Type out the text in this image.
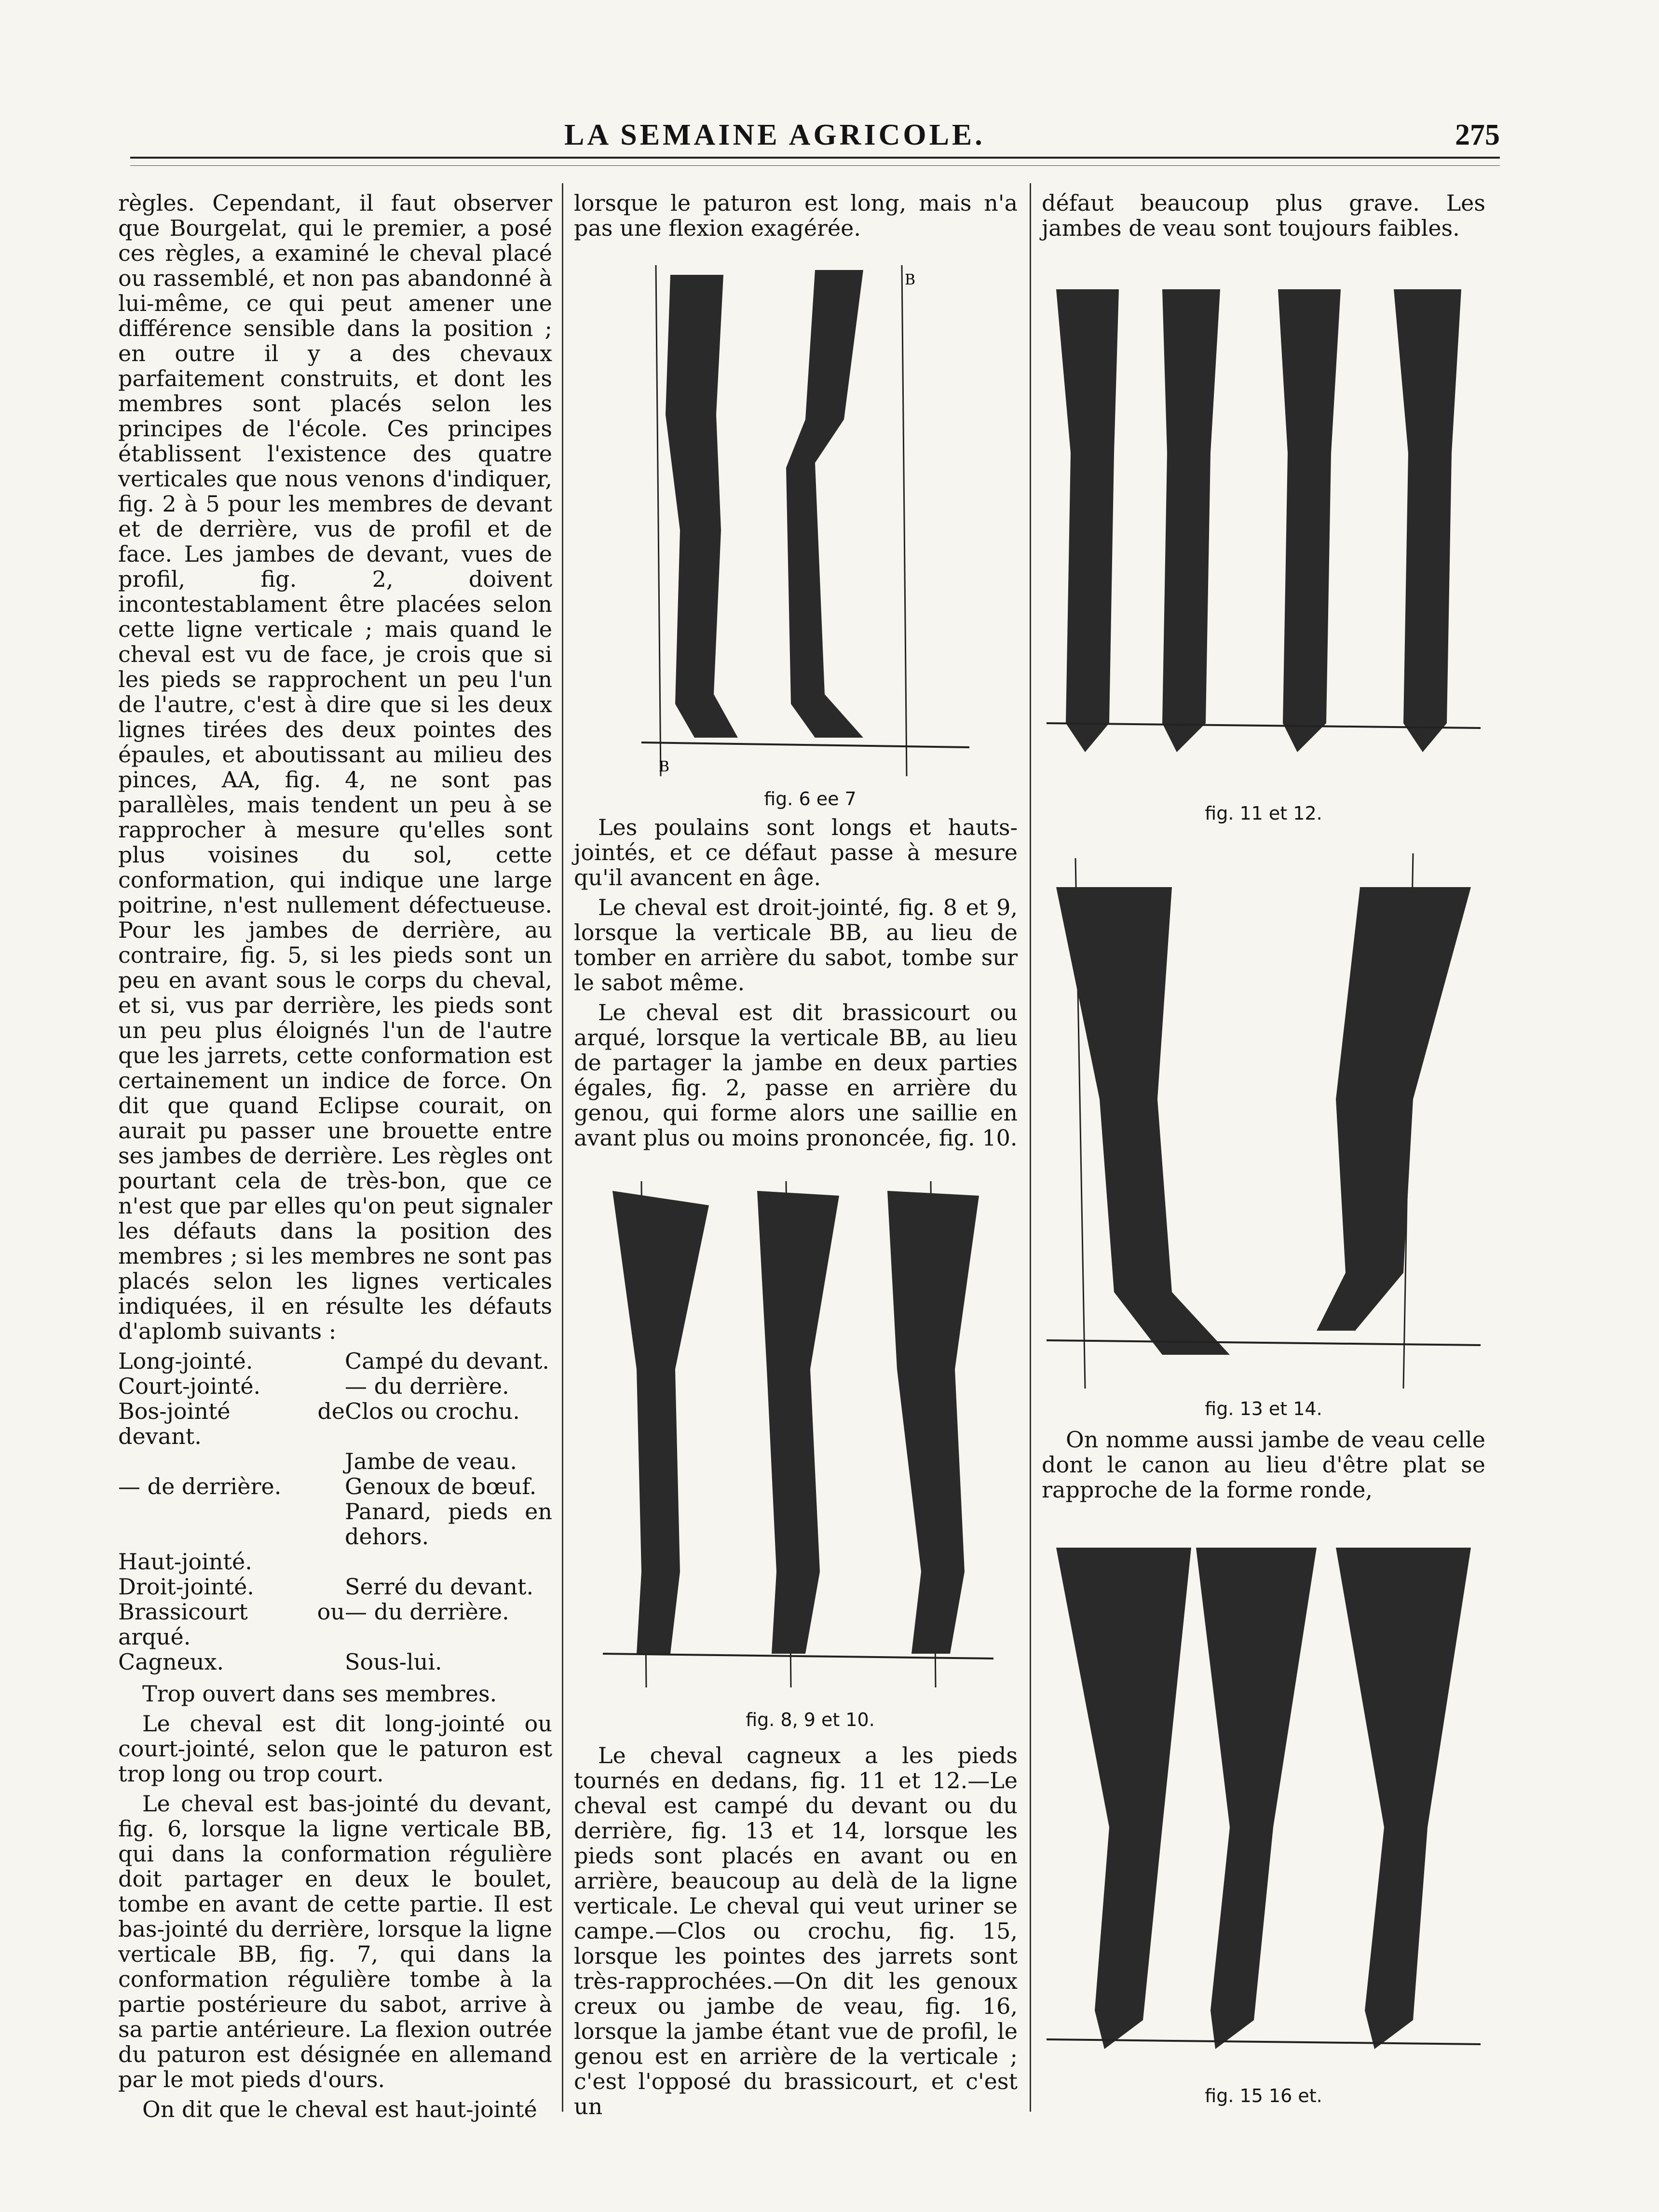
LA SEMAINE AGRICOLE.	275

règles. Cependant, il faut observer que Bourgelat, qui le premier, a posé ces règles, a examiné le cheval placé ou rassemblé, et non pas abandonné à lui-même, ce qui peut amener une différence sensible dans la position ; en outre il y a des chevaux parfaitement construits, et dont les membres sont placés selon les principes de l'école. Ces principes établissent l'existence des quatre verticales que nous venons d'indiquer, fig. 2 à 5 pour les membres de devant et de derrière, vus de profil et de face. Les jambes de devant, vues de profil, fig. 2, doivent incontestablament être placées selon cette ligne verticale ; mais quand le cheval est vu de face, je crois que si les pieds se rapprochent un peu l'un de l'autre, c'est à dire que si les deux lignes tirées des deux pointes des épaules, et aboutissant au milieu des pinces, AA, fig. 4, ne sont pas parallèles, mais tendent un peu à se rapprocher à mesure qu'elles sont plus voisines du sol, cette conformation, qui indique une large poitrine, n'est nullement défectueuse. Pour les jambes de derrière, au contraire, fig. 5, si les pieds sont un peu en avant sous le corps du cheval, et si, vus par derrière, les pieds sont un peu plus éloignés l'un de l'autre que les jarrets, cette conformation est certainement un indice de force. On dit que quand Eclipse courait, on aurait pu passer une brouette entre ses jambes de derrière. Les règles ont pourtant cela de très-bon, que ce n'est que par elles qu'on peut signaler les défauts dans la position des membres ; si les membres ne sont pas placés selon les lignes verticales indiquées, il en résulte les défauts d'aplomb suivants :

Long-jointé.	Campé du devant.
Court-jointé.	— du derrière.
Bos-jointé de devant.	Clos ou crochu.
	Jambe de veau.
— de derrière.	Genoux de bœuf.
	Panard, pieds en dehors.
Haut-jointé.	
Droit-jointé.	Serré du devant.
Brassicourt ou arqué.	— du derrière.
Cagneux.	Sous-lui.

Trop ouvert dans ses membres.

Le cheval est dit long-jointé ou court-jointé, selon que le paturon est trop long ou trop court.

Le cheval est bas-jointé du devant, fig. 6, lorsque la ligne verticale BB, qui dans la conformation régulière doit partager en deux le boulet, tombe en avant de cette partie. Il est bas-jointé du derrière, lorsque la ligne verticale BB, fig. 7, qui dans la conformation régulière tombe à la partie postérieure du sabot, arrive à sa partie antérieure. La flexion outrée du paturon est désignée en allemand par le mot pieds d'ours.

On dit que le cheval est haut-jointé

lorsque le paturon est long, mais n'a pas une flexion exagérée.

B
B
fig. 6 ee 7

Les poulains sont longs et hauts-jointés, et ce défaut passe à mesure qu'il avancent en âge.

Le cheval est droit-jointé, fig. 8 et 9, lorsque la verticale BB, au lieu de tomber en arrière du sabot, tombe sur le sabot même.

Le cheval est dit brassicourt ou arqué, lorsque la verticale BB, au lieu de partager la jambe en deux parties égales, fig. 2, passe en arrière du genou, qui forme alors une saillie en avant plus ou moins prononcée, fig. 10.

fig. 8, 9 et 10.

Le cheval cagneux a les pieds tournés en dedans, fig. 11 et 12.—Le cheval est campé du devant ou du derrière, fig. 13 et 14, lorsque les pieds sont placés en avant ou en arrière, beaucoup au delà de la ligne verticale. Le cheval qui veut uriner se campe.—Clos ou crochu, fig. 15, lorsque les pointes des jarrets sont très-rapprochées.—On dit les genoux creux ou jambe de veau, fig. 16, lorsque la jambe étant vue de profil, le genou est en arrière de la verticale ; c'est l'opposé du brassicourt, et c'est un

défaut beaucoup plus grave. Les jambes de veau sont toujours faibles.

fig. 11 et 12.
fig. 13 et 14.

On nomme aussi jambe de veau celle dont le canon au lieu d'être plat se rapproche de la forme ronde,

fig. 15 16 et.
